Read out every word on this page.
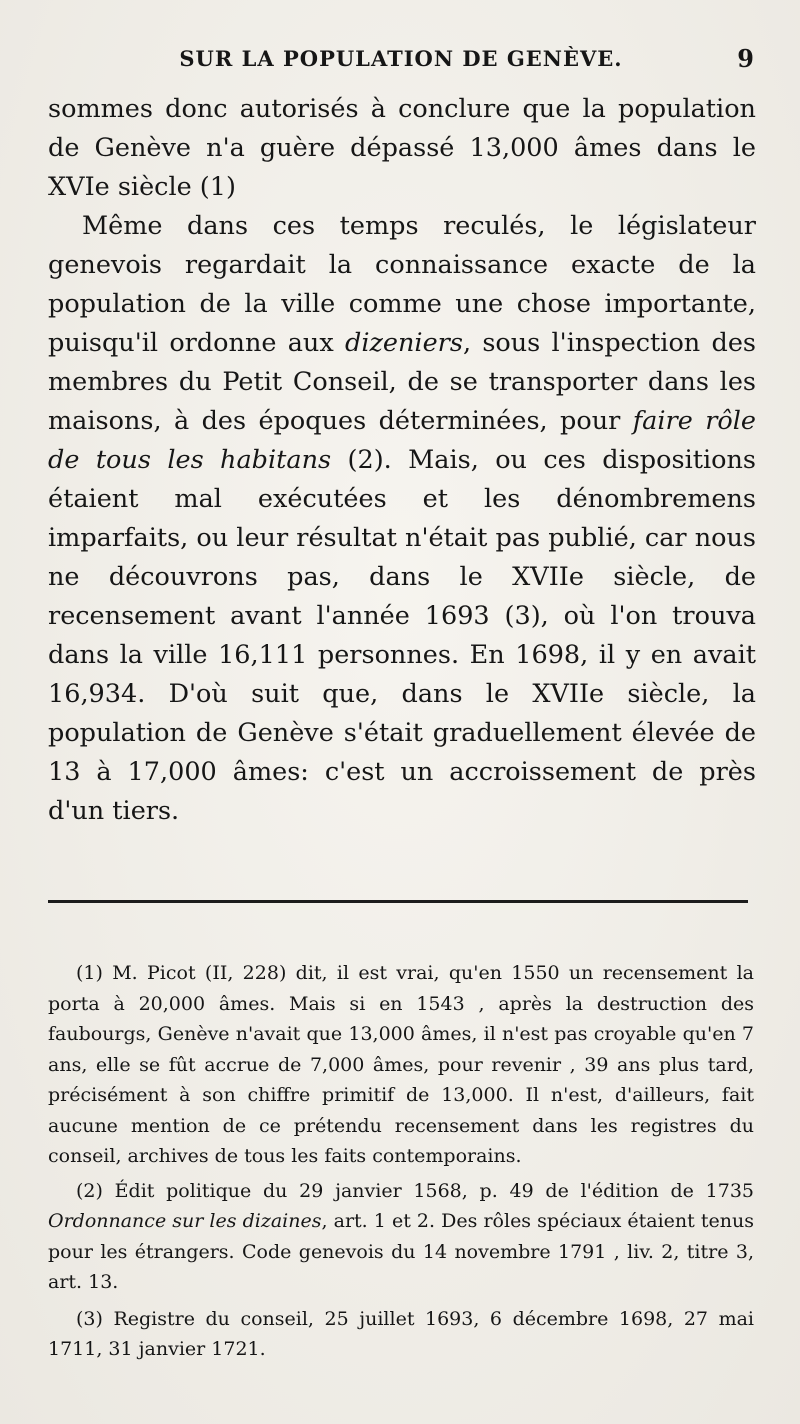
SUR LA POPULATION DE GENÈVE.	9

sommes donc autorisés à conclure que la population de Genève n'a guère dépassé 13,000 âmes dans le XVIe siècle (1)

Même dans ces temps reculés, le législateur genevois regardait la connaissance exacte de la population de la ville comme une chose importante, puisqu'il ordonne aux dizeniers, sous l'inspection des membres du Petit Conseil, de se transporter dans les maisons, à des époques déterminées, pour faire rôle de tous les habitans (2). Mais, ou ces dispositions étaient mal exécutées et les dénombremens imparfaits, ou leur résultat n'était pas publié, car nous ne découvrons pas, dans le XVIIe siècle, de recensement avant l'année 1693 (3), où l'on trouva dans la ville 16,111 personnes. En 1698, il y en avait 16,934. D'où suit que, dans le XVIIe siècle, la population de Genève s'était graduellement élevée de 13 à 17,000 âmes: c'est un accroissement de près d'un tiers.

(1) M. Picot (II, 228) dit, il est vrai, qu'en 1550 un recensement la porta à 20,000 âmes. Mais si en 1543 , après la destruction des faubourgs, Genève n'avait que 13,000 âmes, il n'est pas croyable qu'en 7 ans, elle se fût accrue de 7,000 âmes, pour revenir , 39 ans plus tard, précisément à son chiffre primitif de 13,000. Il n'est, d'ailleurs, fait aucune mention de ce prétendu recensement dans les registres du conseil, archives de tous les faits contemporains.

(2) Édit politique du 29 janvier 1568, p. 49 de l'édition de 1735 Ordonnance sur les dizaines, art. 1 et 2. Des rôles spéciaux étaient tenus pour les étrangers. Code genevois du 14 novembre 1791 , liv. 2, titre 3, art. 13.

(3) Registre du conseil, 25 juillet 1693, 6 décembre 1698, 27 mai 1711, 31 janvier 1721.
